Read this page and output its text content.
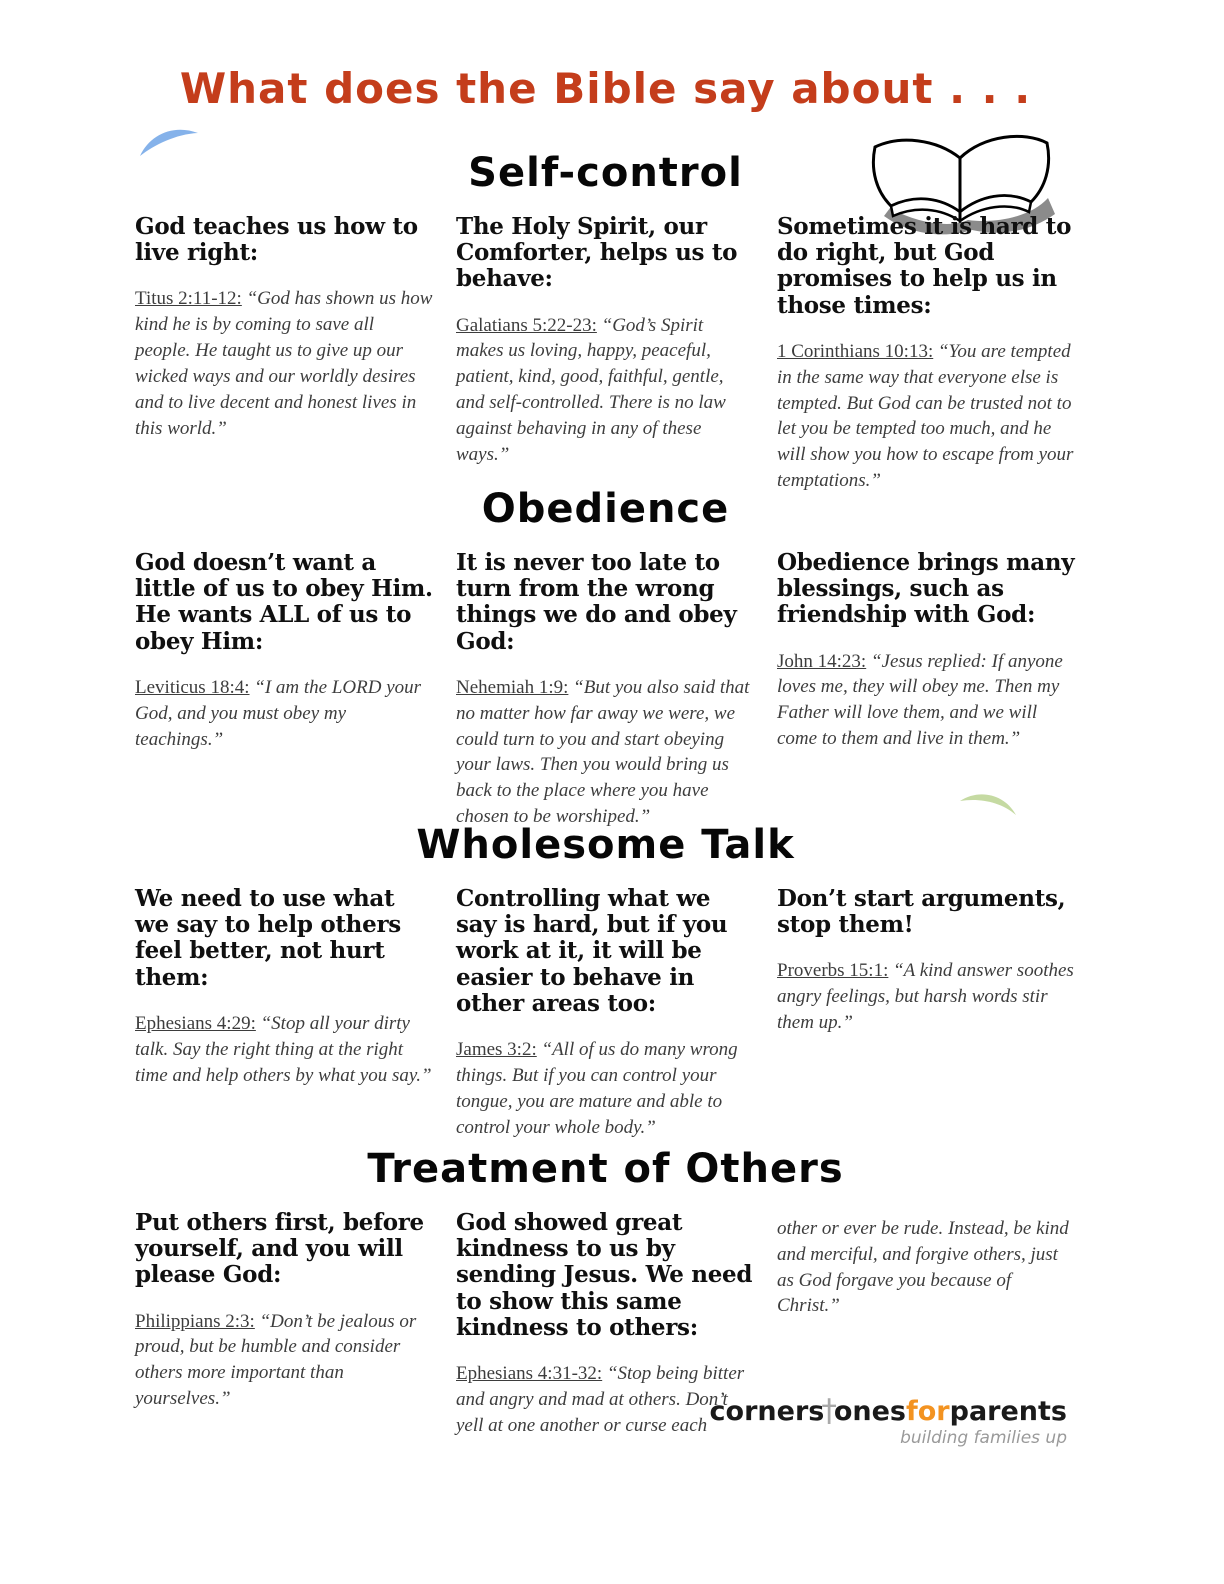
What does the Bible say about . . .
Self-control
God teaches us how to live right:

Titus 2:11-12: “God has shown us how kind he is by coming to save all people. He taught us to give up our wicked ways and our worldly desires and to live decent and honest lives in this world.”

The Holy Spirit, our Comforter, helps us to behave:

Galatians 5:22-23: “God’s Spirit makes us loving, happy, peaceful, patient, kind, good, faithful, gentle, and self-controlled. There is no law against behaving in any of these ways.”

Sometimes it is hard to do right, but God promises to help us in those times:

1 Corinthians 10:13: “You are tempted in the same way that everyone else is tempted. But God can be trusted not to let you be tempted too much, and he will show you how to escape from your temptations.”

Obedience
God doesn’t want a little of us to obey Him. He wants ALL of us to obey Him:

Leviticus 18:4: “I am the LORD your God, and you must obey my teachings.”

It is never too late to turn from the wrong things we do and obey God:

Nehemiah 1:9: “But you also said that no matter how far away we were, we could turn to you and start obeying your laws. Then you would bring us back to the place where you have chosen to be worshiped.”

Obedience brings many blessings, such as friendship with God:

John 14:23: “Jesus replied: If anyone loves me, they will obey me. Then my Father will love them, and we will come to them and live in them.”

Wholesome Talk
We need to use what we say to help others feel better, not hurt them:

Ephesians 4:29: “Stop all your dirty talk. Say the right thing at the right time and help others by what you say.”

Controlling what we say is hard, but if you work at it, it will be easier to behave in other areas too:

James 3:2: “All of us do many wrong things. But if you can control your tongue, you are mature and able to control your whole body.”

Don’t start arguments, stop them!

Proverbs 15:1: “A kind answer soothes angry feelings, but harsh words stir them up.”

Treatment of Others
Put others first, before yourself, and you will please God:

Philippians 2:3: “Don’t be jealous or proud, but be humble and consider others more important than yourselves.”

God showed great kindness to us by sending Jesus. We need to show this same kindness to others:

Ephesians 4:31-32: “Stop being bitter and angry and mad at others. Don’t yell at one another or curse each

other or ever be rude. Instead, be kind and merciful, and forgive others, just as God forgave you because of Christ.”

corners†onesforparents
building families up
